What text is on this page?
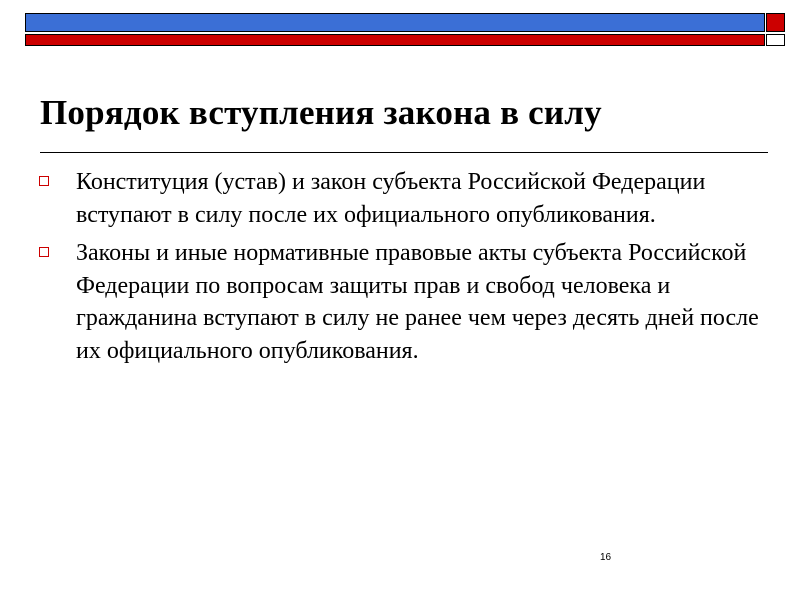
Порядок вступления закона в силу
Конституция (устав) и закон субъекта Российской Федерации вступают в силу после их официального опубликования.
Законы и иные нормативные правовые акты субъекта Российской Федерации по вопросам защиты прав и свобод человека и гражданина вступают в силу не ранее чем через десять дней после их официального опубликования.
16
